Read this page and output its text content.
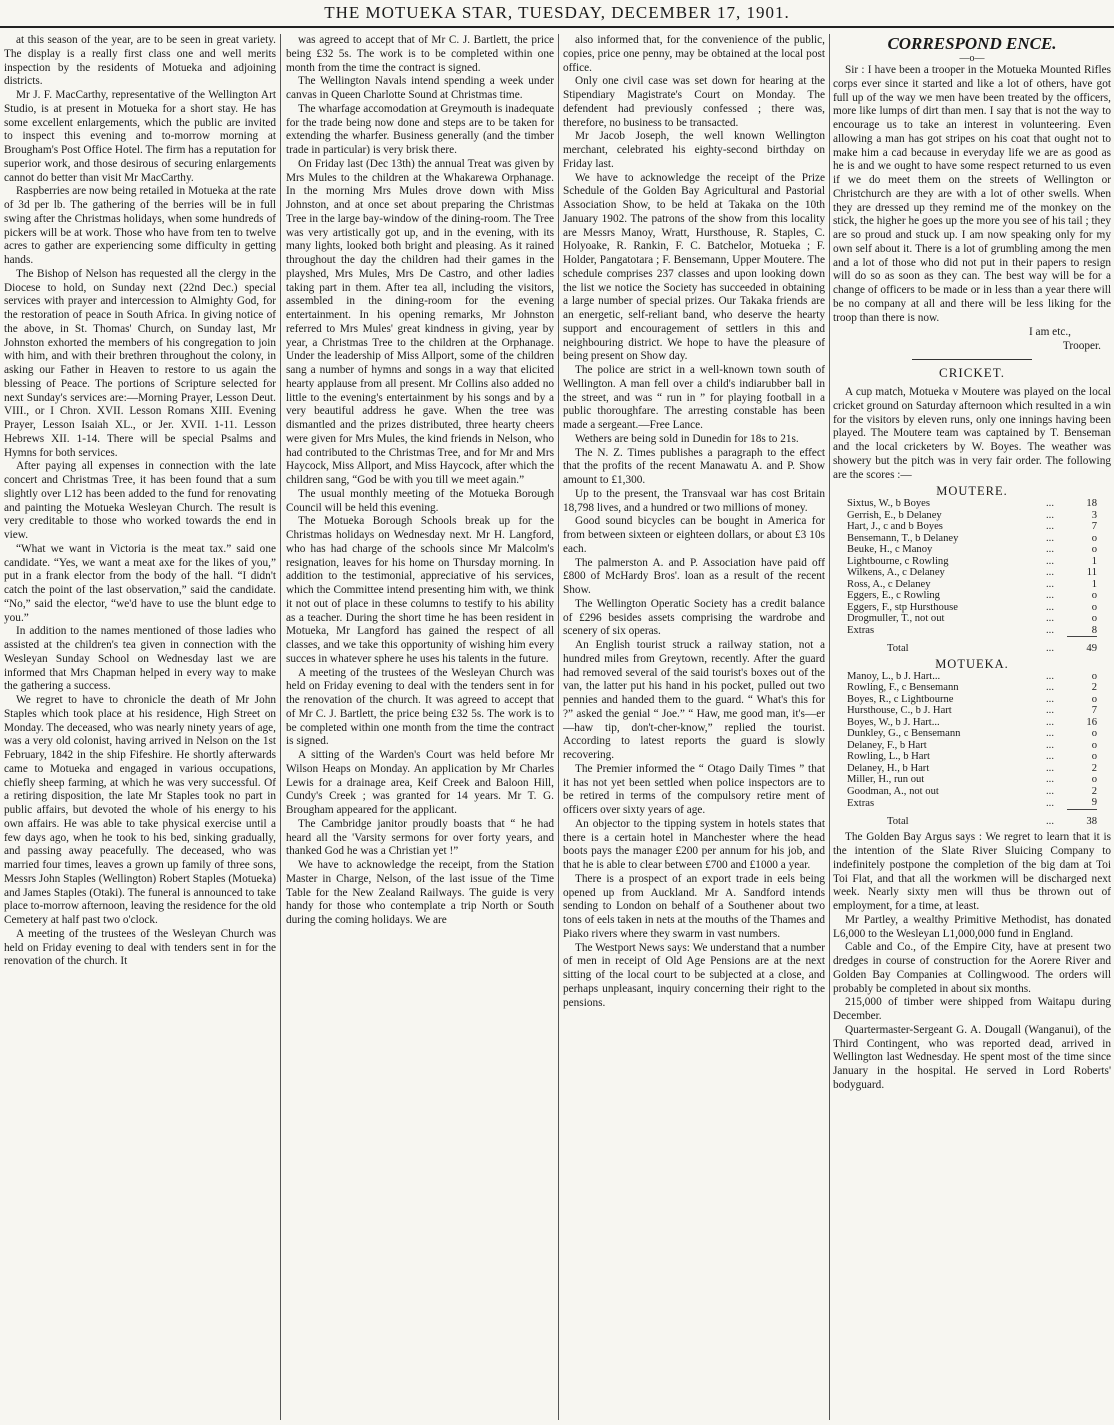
THE MOTUEKA STAR, TUESDAY, DECEMBER 17, 1901.

at this season of the year, are to be seen in great variety. The display is a really first class one and well merits inspection by the residents of Motueka and adjoining districts.

Mr J. F. MacCarthy, representative of the Wellington Art Studio, is at present in Motueka for a short stay. He has some excellent enlargements, which the public are invited to inspect this evening and to-morrow morning at Brougham's Post Office Hotel. The firm has a reputation for superior work, and those desirous of securing enlargements cannot do better than visit Mr MacCarthy.

Raspberries are now being retailed in Motueka at the rate of 3d per lb. The gathering of the berries will be in full swing after the Christmas holidays, when some hundreds of pickers will be at work. Those who have from ten to twelve acres to gather are experiencing some difficulty in getting hands.

The Bishop of Nelson has requested all the clergy in the Diocese to hold, on Sunday next (22nd Dec.) special services with prayer and intercession to Almighty God, for the restoration of peace in South Africa. In giving notice of the above, in St. Thomas' Church, on Sunday last, Mr Johnston exhorted the members of his congregation to join with him, and with their brethren throughout the colony, in asking our Father in Heaven to restore to us again the blessing of Peace. The portions of Scripture selected for next Sunday's services are:—Morning Prayer, Lesson Deut. VIII., or I Chron. XVII. Lesson Romans XIII. Evening Prayer, Lesson Isaiah XL., or Jer. XVII. 1-11. Lesson Hebrews XII. 1-14. There will be special Psalms and Hymns for both services.

After paying all expenses in connection with the late concert and Christmas Tree, it has been found that a sum slightly over L12 has been added to the fund for renovating and painting the Motueka Wesleyan Church. The result is very creditable to those who worked towards the end in view.

“What we want in Victoria is the meat tax.” said one candidate. “Yes, we want a meat axe for the likes of you,” put in a frank elector from the body of the hall. “I didn't catch the point of the last observation,” said the candidate. “No,” said the elector, “we'd have to use the blunt edge to you.”

In addition to the names mentioned of those ladies who assisted at the children's tea given in connection with the Wesleyan Sunday School on Wednesday last we are informed that Mrs Chapman helped in every way to make the gathering a success.

We regret to have to chronicle the death of Mr John Staples which took place at his residence, High Street on Monday. The deceased, who was nearly ninety years of age, was a very old colonist, having arrived in Nelson on the 1st February, 1842 in the ship Fifeshire. He shortly afterwards came to Motueka and engaged in various occupations, chiefly sheep farming, at which he was very successful. Of a retiring disposition, the late Mr Staples took no part in public affairs, but devoted the whole of his energy to his own affairs. He was able to take physical exercise until a few days ago, when he took to his bed, sinking gradually, and passing away peacefully. The deceased, who was married four times, leaves a grown up family of three sons, Messrs John Staples (Wellington) Robert Staples (Motueka) and James Staples (Otaki). The funeral is announced to take place to-morrow afternoon, leaving the residence for the old Cemetery at half past two o'clock.

A meeting of the trustees of the Wesleyan Church was held on Friday evening to deal with tenders sent in for the renovation of the church. It

was agreed to accept that of Mr C. J. Bartlett, the price being £32 5s. The work is to be completed within one month from the time the contract is signed.

The Wellington Navals intend spending a week under canvas in Queen Charlotte Sound at Christmas time.

The wharfage accomodation at Greymouth is inadequate for the trade being now done and steps are to be taken for extending the wharfer. Business generally (and the timber trade in particular) is very brisk there.

On Friday last (Dec 13th) the annual Treat was given by Mrs Mules to the children at the Whakarewa Orphanage. In the morning Mrs Mules drove down with Miss Johnston, and at once set about preparing the Christmas Tree in the large bay-window of the dining-room. The Tree was very artistically got up, and in the evening, with its many lights, looked both bright and pleasing. As it rained throughout the day the children had their games in the playshed, Mrs Mules, Mrs De Castro, and other ladies taking part in them. After tea all, including the visitors, assembled in the dining-room for the evening entertainment. In his opening remarks, Mr Johnston referred to Mrs Mules' great kindness in giving, year by year, a Christmas Tree to the children at the Orphanage. Under the leadership of Miss Allport, some of the children sang a number of hymns and songs in a way that elicited hearty applause from all present. Mr Collins also added no little to the evening's entertainment by his songs and by a very beautiful address he gave. When the tree was dismantled and the prizes distributed, three hearty cheers were given for Mrs Mules, the kind friends in Nelson, who had contributed to the Christmas Tree, and for Mr and Mrs Haycock, Miss Allport, and Miss Haycock, after which the children sang, “God be with you till we meet again.”

The usual monthly meeting of the Motueka Borough Council will be held this evening.

The Motueka Borough Schools break up for the Christmas holidays on Wednesday next. Mr H. Langford, who has had charge of the schools since Mr Malcolm's resignation, leaves for his home on Thursday morning. In addition to the testimonial, appreciative of his services, which the Committee intend presenting him with, we think it not out of place in these columns to testify to his ability as a teacher. During the short time he has been resident in Motueka, Mr Langford has gained the respect of all classes, and we take this opportunity of wishing him every succes in whatever sphere he uses his talents in the future.

A meeting of the trustees of the Wesleyan Church was held on Friday evening to deal with the tenders sent in for the renovation of the church. It was agreed to accept that of Mr C. J. Bartlett, the price being £32 5s. The work is to be completed within one month from the time the contract is signed.

A sitting of the Warden's Court was held before Mr Wilson Heaps on Monday. An application by Mr Charles Lewis for a drainage area, Keif Creek and Baloon Hill, Cundy's Creek ; was granted for 14 years. Mr T. G. Brougham appeared for the applicant.

The Cambridge janitor proudly boasts that “ he had heard all the 'Varsity sermons for over forty years, and thanked God he was a Christian yet !”

We have to acknowledge the receipt, from the Station Master in Charge, Nelson, of the last issue of the Time Table for the New Zealand Railways. The guide is very handy for those who contemplate a trip North or South during the coming holidays. We are

also informed that, for the convenience of the public, copies, price one penny, may be obtained at the local post office.

Only one civil case was set down for hearing at the Stipendiary Magistrate's Court on Monday. The defendent had previously confessed ; there was, therefore, no business to be transacted.

Mr Jacob Joseph, the well known Wellington merchant, celebrated his eighty-second birthday on Friday last.

We have to acknowledge the receipt of the Prize Schedule of the Golden Bay Agricultural and Pastorial Association Show, to be held at Takaka on the 10th January 1902. The patrons of the show from this locality are Messrs Manoy, Wratt, Hursthouse, R. Staples, C. Holyoake, R. Rankin, F. C. Batchelor, Motueka ; F. Holder, Pangatotara ; F. Bensemann, Upper Moutere. The schedule comprises 237 classes and upon looking down the list we notice the Society has succeeded in obtaining a large number of special prizes. Our Takaka friends are an energetic, self-reliant band, who deserve the hearty support and encouragement of settlers in this and neighbouring district. We hope to have the pleasure of being present on Show day.

The police are strict in a well-known town south of Wellington. A man fell over a child's indiarubber ball in the street, and was “ run in ” for playing football in a public thoroughfare. The arresting constable has been made a sergeant.—Free Lance.

Wethers are being sold in Dunedin for 18s to 21s.

The N. Z. Times publishes a paragraph to the effect that the profits of the recent Manawatu A. and P. Show amount to £1,300.

Up to the present, the Transvaal war has cost Britain 18,798 lives, and a hundred or two millions of money.

Good sound bicycles can be bought in America for from between sixteen or eighteen dollars, or about £3 10s each.

The palmerston A. and P. Association have paid off £800 of McHardy Bros'. loan as a result of the recent Show.

The Wellington Operatic Society has a credit balance of £296 besides assets comprising the wardrobe and scenery of six operas.

An English tourist struck a railway station, not a hundred miles from Greytown, recently. After the guard had removed several of the said tourist's boxes out of the van, the latter put his hand in his pocket, pulled out two pennies and handed them to the guard. “ What's this for ?” asked the genial “ Joe.” “ Haw, me good man, it's—er—haw tip, don't-cher-know,” replied the tourist. According to latest reports the guard is slowly recovering.

The Premier informed the “ Otago Daily Times ” that it has not yet been settled when police inspectors are to be retired in terms of the compulsory retire ment of officers over sixty years of age.

An objector to the tipping system in hotels states that there is a certain hotel in Manchester where the head boots pays the manager £200 per annum for his job, and that he is able to clear between £700 and £1000 a year.

There is a prospect of an export trade in eels being opened up from Auckland. Mr A. Sandford intends sending to London on behalf of a Southener about two tons of eels taken in nets at the mouths of the Thames and Piako rivers where they swarm in vast numbers.

The Westport News says: We understand that a number of men in receipt of Old Age Pensions are at the next sitting of the local court to be subjected at a close, and perhaps unpleasant, inquiry concerning their right to the pensions.

CORRESPOND ENCE.
—o—

Sir : I have been a trooper in the Motueka Mounted Rifles corps ever since it started and like a lot of others, have got full up of the way we men have been treated by the officers, more like lumps of dirt than men. I say that is not the way to encourage us to take an interest in volunteering. Even allowing a man has got stripes on his coat that ought not to make him a cad because in everyday life we are as good as he is and we ought to have some respect returned to us even if we do meet them on the streets of Wellington or Christchurch are they are with a lot of other swells. When they are dressed up they remind me of the monkey on the stick, the higher he goes up the more you see of his tail ; they are so proud and stuck up. I am now speaking only for my own self about it. There is a lot of grumbling among the men and a lot of those who did not put in their papers to resign will do so as soon as they can. The best way will be for a change of officers to be made or in less than a year there will be no company at all and there will be less liking for the troop than there is now.

I am etc.,
Trooper.
CRICKET.

A cup match, Motueka v Moutere was played on the local cricket ground on Saturday afternoon which resulted in a win for the visitors by eleven runs, only one innings having been played. The Moutere team was captained by T. Benseman and the local cricketers by W. Boyes. The weather was showery but the pitch was in very fair order. The following are the scores :—

MOUTERE.
Sixtus, W., b Boyes	...	18
Gerrish, E., b Delaney	...	3
Hart, J., c and b Boyes	...	7
Bensemann, T., b Delaney	...	o
Beuke, H., c Manoy	...	o
Lightbourne, c Rowling	...	1
Wilkens, A., c Delaney	...	11
Ross, A., c Delaney	...	1
Eggers, E., c Rowling	...	o
Eggers, F., stp Hursthouse	...	o
Drogmuller, T., not out	...	o
Extras	...	8
Total	...	49
MOTUEKA.
Manoy, L., b J. Hart...	...	o
Rowling, F., c Bensemann	...	2
Boyes, R., c Lightbourne	...	o
Hursthouse, C., b J. Hart	...	7
Boyes, W., b J. Hart...	...	16
Dunkley, G., c Bensemann	...	o
Delaney, F., b Hart	...	o
Rowling, L., b Hart	...	o
Delaney, H., b Hart	...	2
Miller, H., run out	...	o
Goodman, A., not out	...	2
Extras	...	9
Total	...	38

The Golden Bay Argus says : We regret to learn that it is the intention of the Slate River Sluicing Company to indefinitely postpone the completion of the big dam at Toi Toi Flat, and that all the workmen will be discharged next week. Nearly sixty men will thus be thrown out of employment, for a time, at least.

Mr Partley, a wealthy Primitive Methodist, has donated L6,000 to the Wesleyan L1,000,000 fund in England.

Cable and Co., of the Empire City, have at present two dredges in course of construction for the Aorere River and Golden Bay Companies at Collingwood. The orders will probably be completed in about six months.

215,000 of timber were shipped from Waitapu during December.

Quartermaster-Sergeant G. A. Dougall (Wanganui), of the Third Contingent, who was reported dead, arrived in Wellington last Wednesday. He spent most of the time since January in the hospital. He served in Lord Roberts' bodyguard.
